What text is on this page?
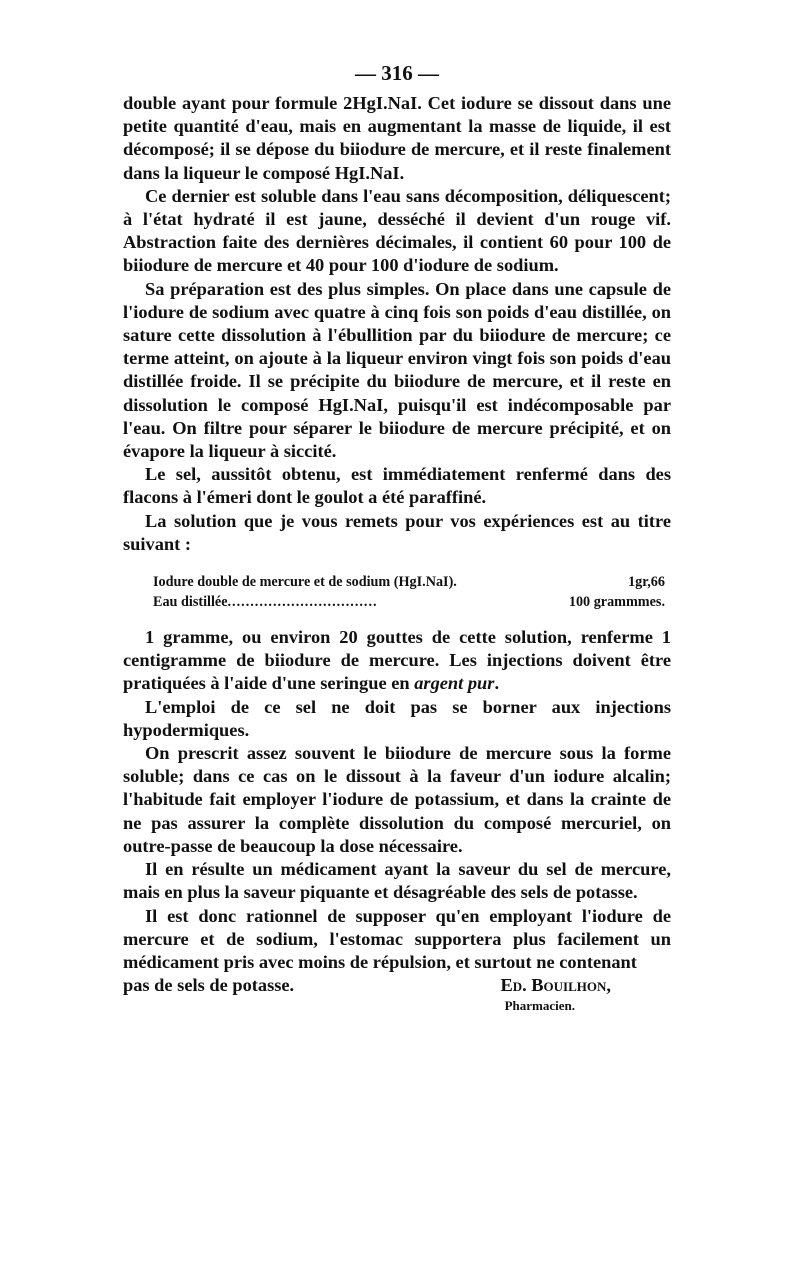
— 316 —

double ayant pour formule 2HgI.NaI. Cet iodure se dissout dans une petite quantité d'eau, mais en augmentant la masse de liquide, il est décomposé; il se dépose du biiodure de mercure, et il reste finalement dans la liqueur le composé HgI.NaI.

Ce dernier est soluble dans l'eau sans décomposition, déliquescent; à l'état hydraté il est jaune, desséché il devient d'un rouge vif. Abstraction faite des dernières décimales, il contient 60 pour 100 de biiodure de mercure et 40 pour 100 d'iodure de sodium.

Sa préparation est des plus simples. On place dans une capsule de l'iodure de sodium avec quatre à cinq fois son poids d'eau distillée, on sature cette dissolution à l'ébullition par du biiodure de mercure; ce terme atteint, on ajoute à la liqueur environ vingt fois son poids d'eau distillée froide. Il se précipite du biiodure de mercure, et il reste en dissolution le composé HgI.NaI, puisqu'il est indécomposable par l'eau. On filtre pour séparer le biiodure de mercure précipité, et on évapore la liqueur à siccité.

Le sel, aussitôt obtenu, est immédiatement renfermé dans des flacons à l'émeri dont le goulot a été paraffiné.

La solution que je vous remets pour vos expériences est au titre suivant :

Iodure double de mercure et de sodium (HgI.NaI).	1gr,66
Eau distillée .................................	100 grammmes.

1 gramme, ou environ 20 gouttes de cette solution, renferme 1 centigramme de biiodure de mercure. Les injections doivent être pratiquées à l'aide d'une seringue en argent pur.

L'emploi de ce sel ne doit pas se borner aux injections hypodermiques.

On prescrit assez souvent le biiodure de mercure sous la forme soluble; dans ce cas on le dissout à la faveur d'un iodure alcalin; l'habitude fait employer l'iodure de potassium, et dans la crainte de ne pas assurer la complète dissolution du composé mercuriel, on outre-passe de beaucoup la dose nécessaire.

Il en résulte un médicament ayant la saveur du sel de mercure, mais en plus la saveur piquante et désagréable des sels de potasse.

Il est donc rationnel de supposer qu'en employant l'iodure de mercure et de sodium, l'estomac supportera plus facilement un médicament pris avec moins de répulsion, et surtout ne contenant

pas de sels de potasse.	Ed. Bouilhon,
Pharmacien.
